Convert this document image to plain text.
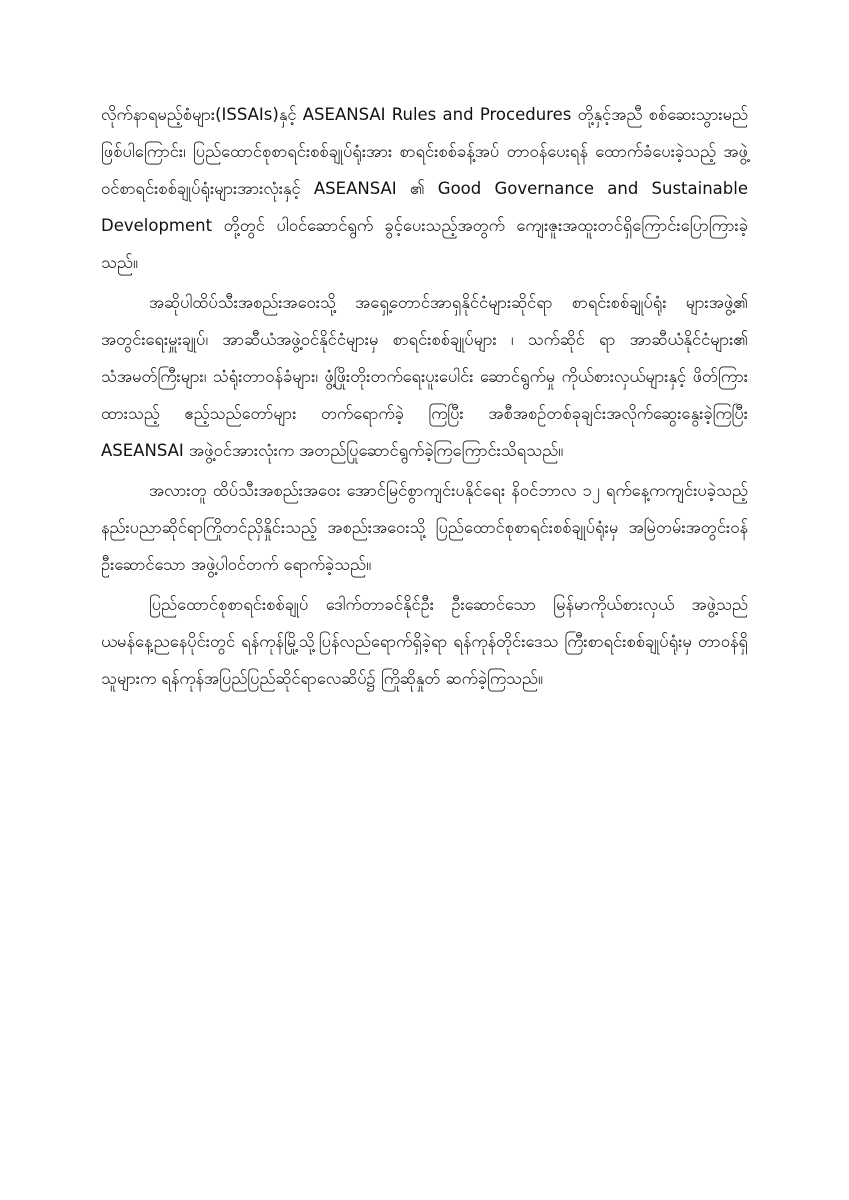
လိုက်နာရမည့်စံများ(ISSAIs)နှင့် ASEANSAI Rules and Procedures တို့နှင့်အညီ စစ်ဆေးသွားမည်ဖြစ်ပါကြောင်း၊ ပြည်ထောင်စုစာရင်းစစ်ချုပ်ရုံးအား စာရင်းစစ်ခန့်အပ် တာဝန်ပေးရန် ထောက်ခံပေးခဲ့သည့် အဖွဲ့ဝင်စာရင်းစစ်ချုပ်ရုံးများအားလုံးနှင့် ASEANSAI ၏ Good Governance and Sustainable Development တို့တွင် ပါဝင်ဆောင်ရွက် ခွင့်ပေးသည့်အတွက် ကျေးဇူးအထူးတင်ရှိကြောင်းပြောကြားခဲ့သည်။

အဆိုပါထိပ်သီးအစည်းအဝေးသို့ အရှေ့တောင်အာရှနိုင်ငံများဆိုင်ရာ စာရင်းစစ်ချုပ်ရုံး များအဖွဲ့၏ အတွင်းရေးမှူးချုပ်၊ အာဆီယံအဖွဲ့ဝင်နိုင်ငံများမှ စာရင်းစစ်ချုပ်များ ၊ သက်ဆိုင် ရာ အာဆီယံနိုင်ငံများ၏ သံအမတ်ကြီးများ၊ သံရုံးတာဝန်ခံများ၊ ဖွံ့ဖြိုးတိုးတက်ရေးပူးပေါင်း ဆောင်ရွက်မှု ကိုယ်စားလှယ်များနှင့် ဖိတ်ကြားထားသည့် ဧည့်သည်တော်များ တက်ရောက်ခဲ့ ကြပြီး အစီအစဉ်တစ်ခုချင်းအလိုက်ဆွေးနွေးခဲ့ကြပြီး ASEANSAI အဖွဲ့ဝင်အားလုံးက အတည်ပြုဆောင်ရွက်ခဲ့ကြကြောင်းသိရသည်။

အလားတူ ထိပ်သီးအစည်းအဝေး အောင်မြင်စွာကျင်းပနိုင်ရေး နိဝင်ဘာလ ၁၂ ရက်နေ့ကကျင်းပခဲ့သည့် နည်းပညာဆိုင်ရာကြိုတင်ညှိနှိုင်းသည့် အစည်းအဝေးသို့ ပြည်ထောင်စုစာရင်းစစ်ချုပ်ရုံးမှ အမြဲတမ်းအတွင်းဝန်ဦးဆောင်သော အဖွဲ့ပါဝင်တက် ရောက်ခဲ့သည်။

ပြည်ထောင်စုစာရင်းစစ်ချုပ် ဒေါက်တာခင်နိုင်ဦး ဦးဆောင်သော မြန်မာကိုယ်စားလှယ် အဖွဲ့သည် ယမန်နေ့ညနေပိုင်းတွင် ရန်ကုန်မြို့သို့ပြန်လည်ရောက်ရှိခဲ့ရာ ရန်ကုန်တိုင်းဒေသ ကြီးစာရင်းစစ်ချုပ်ရုံးမှ တာဝန်ရှိသူများက ရန်ကုန်အပြည်ပြည်ဆိုင်ရာလေဆိပ်၌ ကြိုဆိုနှုတ် ဆက်ခဲ့ကြသည်။
